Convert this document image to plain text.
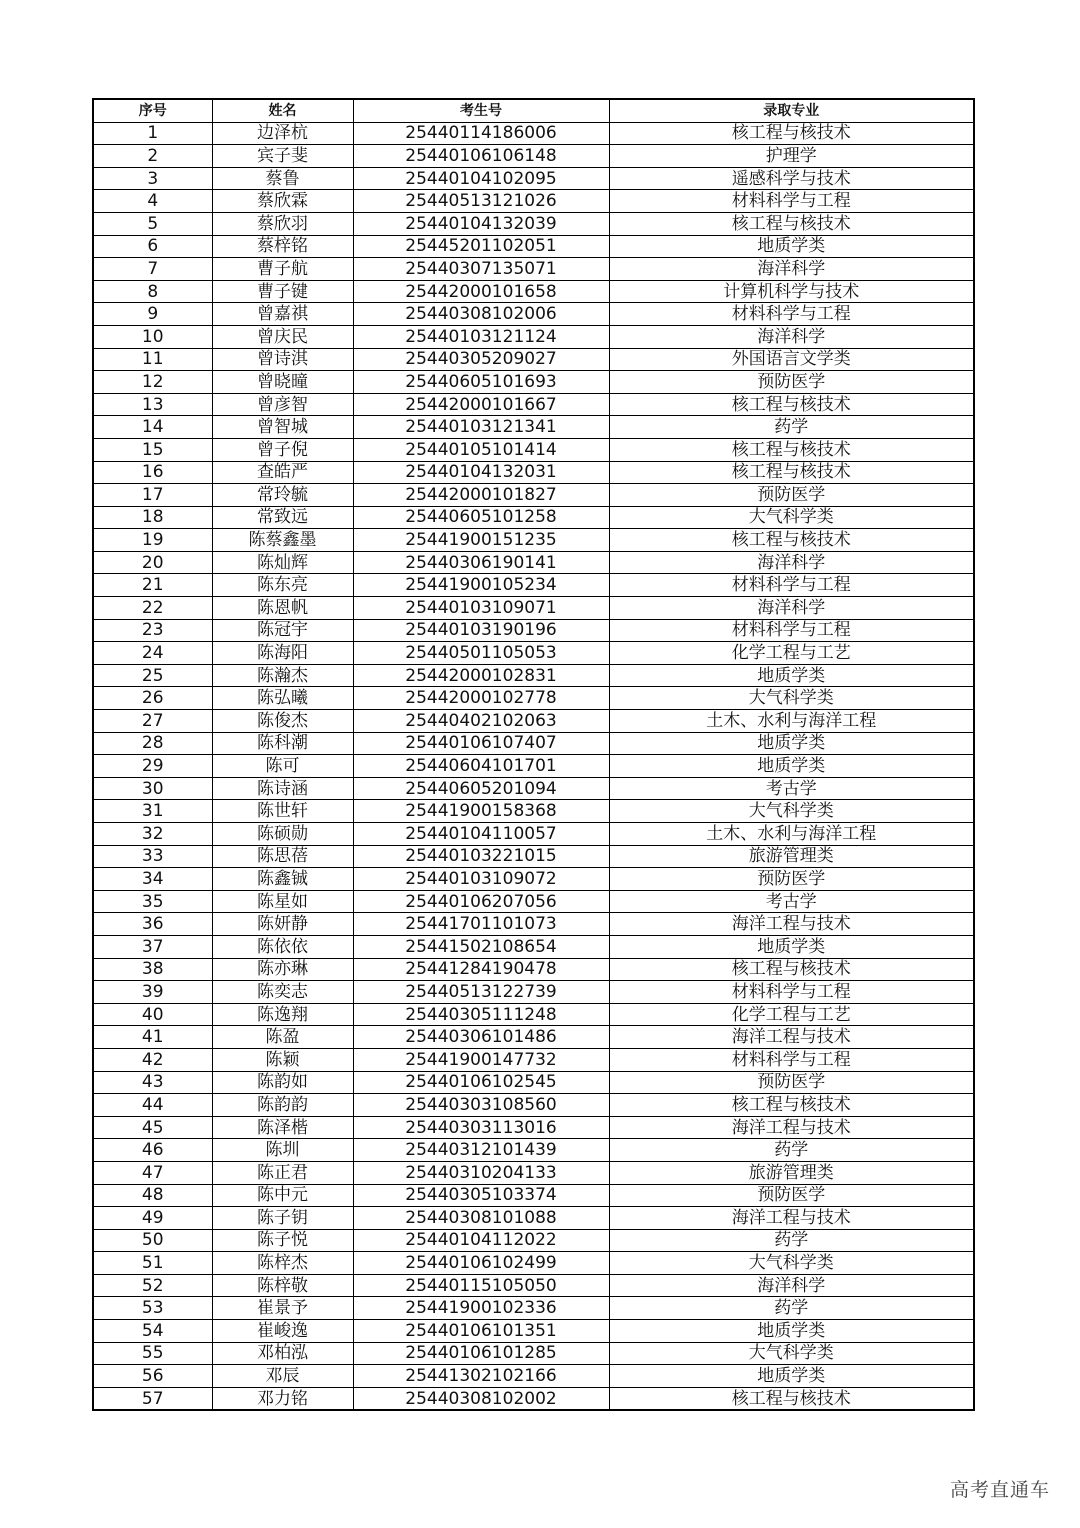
序号	姓名	考生号	录取专业
1	边泽杭	25440114186006	核工程与核技术
2	宾子斐	25440106106148	护理学
3	蔡鲁	25440104102095	遥感科学与技术
4	蔡欣霖	25440513121026	材料科学与工程
5	蔡欣羽	25440104132039	核工程与核技术
6	蔡梓铭	25445201102051	地质学类
7	曹子航	25440307135071	海洋科学
8	曹子键	25442000101658	计算机科学与技术
9	曾嘉祺	25440308102006	材料科学与工程
10	曾庆民	25440103121124	海洋科学
11	曾诗淇	25440305209027	外国语言文学类
12	曾晓曈	25440605101693	预防医学
13	曾彦智	25442000101667	核工程与核技术
14	曾智城	25440103121341	药学
15	曾子倪	25440105101414	核工程与核技术
16	查皓严	25440104132031	核工程与核技术
17	常玲毓	25442000101827	预防医学
18	常致远	25440605101258	大气科学类
19	陈蔡鑫墨	25441900151235	核工程与核技术
20	陈灿辉	25440306190141	海洋科学
21	陈东亮	25441900105234	材料科学与工程
22	陈恩帆	25440103109071	海洋科学
23	陈冠宇	25440103190196	材料科学与工程
24	陈海阳	25440501105053	化学工程与工艺
25	陈瀚杰	25442000102831	地质学类
26	陈弘曦	25442000102778	大气科学类
27	陈俊杰	25440402102063	土木、水利与海洋工程
28	陈科潮	25440106107407	地质学类
29	陈可	25440604101701	地质学类
30	陈诗涵	25440605201094	考古学
31	陈世轩	25441900158368	大气科学类
32	陈硕勋	25440104110057	土木、水利与海洋工程
33	陈思蓓	25440103221015	旅游管理类
34	陈鑫铖	25440103109072	预防医学
35	陈星如	25440106207056	考古学
36	陈妍静	25441701101073	海洋工程与技术
37	陈依依	25441502108654	地质学类
38	陈亦琳	25441284190478	核工程与核技术
39	陈奕志	25440513122739	材料科学与工程
40	陈逸翔	25440305111248	化学工程与工艺
41	陈盈	25440306101486	海洋工程与技术
42	陈颖	25441900147732	材料科学与工程
43	陈韵如	25440106102545	预防医学
44	陈韵韵	25440303108560	核工程与核技术
45	陈泽楷	25440303113016	海洋工程与技术
46	陈圳	25440312101439	药学
47	陈正君	25440310204133	旅游管理类
48	陈中元	25440305103374	预防医学
49	陈子钥	25440308101088	海洋工程与技术
50	陈子悦	25440104112022	药学
51	陈梓杰	25440106102499	大气科学类
52	陈梓敬	25440115105050	海洋科学
53	崔景予	25441900102336	药学
54	崔峻逸	25440106101351	地质学类
55	邓柏泓	25440106101285	大气科学类
56	邓辰	25441302102166	地质学类
57	邓力铭	25440308102002	核工程与核技术
高考直通车
